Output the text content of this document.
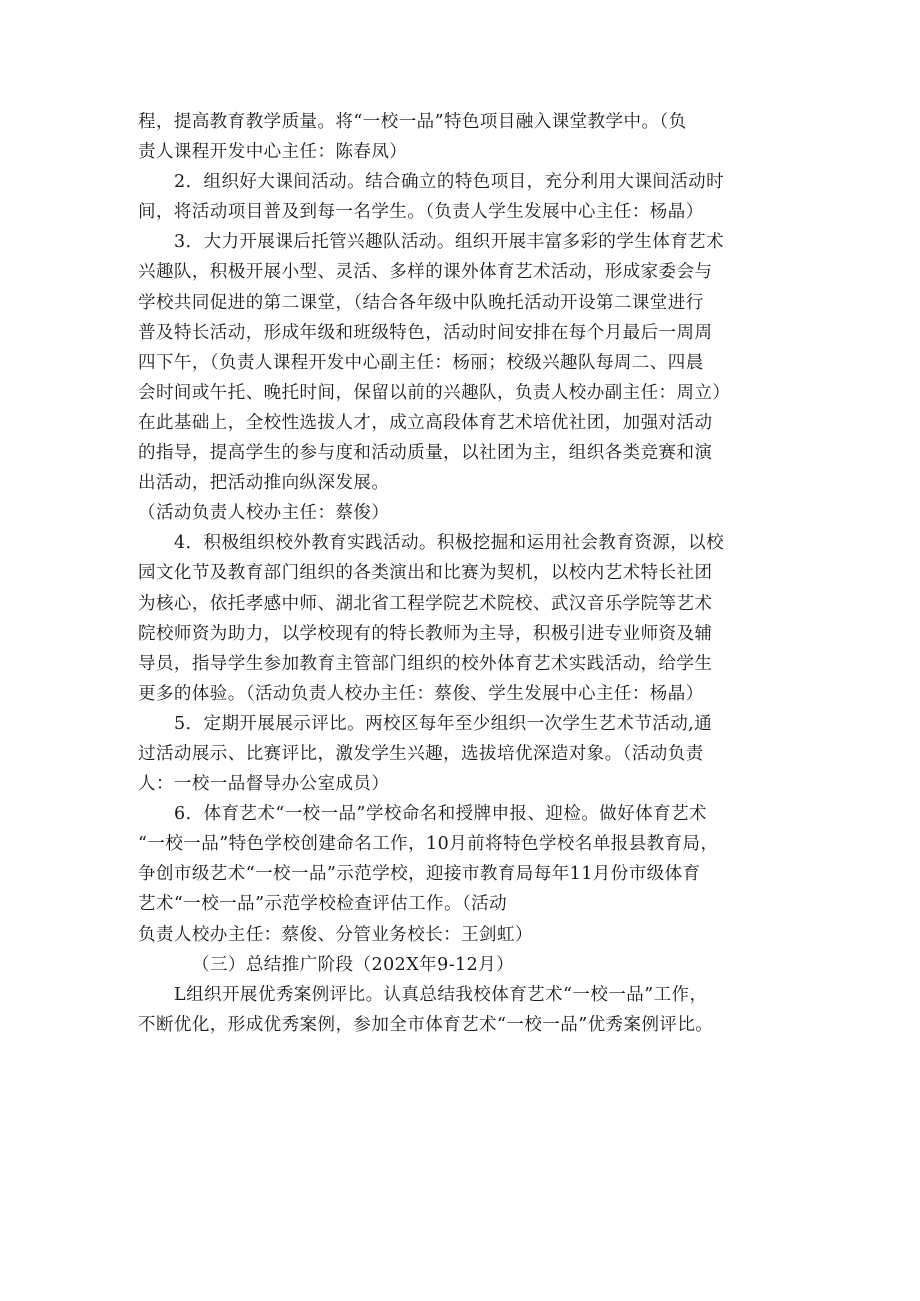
程，提高教育教学质量。将“一校一品”特色项目融入课堂教学中。（负
责人课程开发中心主任：陈春凤）
2．组织好大课间活动。结合确立的特色项目，充分利用大课间活动时
间，将活动项目普及到每一名学生。（负责人学生发展中心主任：杨晶）
3．大力开展课后托管兴趣队活动。组织开展丰富多彩的学生体育艺术
兴趣队，积极开展小型、灵活、多样的课外体育艺术活动，形成家委会与
学校共同促进的第二课堂，（结合各年级中队晚托活动开设第二课堂进行
普及特长活动，形成年级和班级特色，活动时间安排在每个月最后一周周
四下午，（负责人课程开发中心副主任：杨丽；校级兴趣队每周二、四晨
会时间或午托、晚托时间，保留以前的兴趣队，负责人校办副主任：周立）
在此基础上，全校性选拔人才，成立高段体育艺术培优社团，加强对活动
的指导，提高学生的参与度和活动质量，以社团为主，组织各类竞赛和演
出活动，把活动推向纵深发展。
（活动负责人校办主任：蔡俊）
4．积极组织校外教育实践活动。积极挖掘和运用社会教育资源，以校
园文化节及教育部门组织的各类演出和比赛为契机，以校内艺术特长社团
为核心，依托孝感中师、湖北省工程学院艺术院校、武汉音乐学院等艺术
院校师资为助力，以学校现有的特长教师为主导，积极引进专业师资及辅
导员，指导学生参加教育主管部门组织的校外体育艺术实践活动，给学生
更多的体验。（活动负责人校办主任：蔡俊、学生发展中心主任：杨晶）
5．定期开展展示评比。两校区每年至少组织一次学生艺术节活动,通
过活动展示、比赛评比，激发学生兴趣，选拔培优深造对象。（活动负责
人：一校一品督导办公室成员）
6．体育艺术“一校一品”学校命名和授牌申报、迎检。做好体育艺术
“一校一品”特色学校创建命名工作，10月前将特色学校名单报县教育局，
争创市级艺术“一校一品”示范学校，迎接市教育局每年11月份市级体育
艺术“一校一品”示范学校检查评估工作。（活动
负责人校办主任：蔡俊、分管业务校长：王剑虹）
（三）总结推广阶段（202X年9-12月）
L组织开展优秀案例评比。认真总结我校体育艺术“一校一品”工作，
不断优化，形成优秀案例，参加全市体育艺术“一校一品”优秀案例评比。
